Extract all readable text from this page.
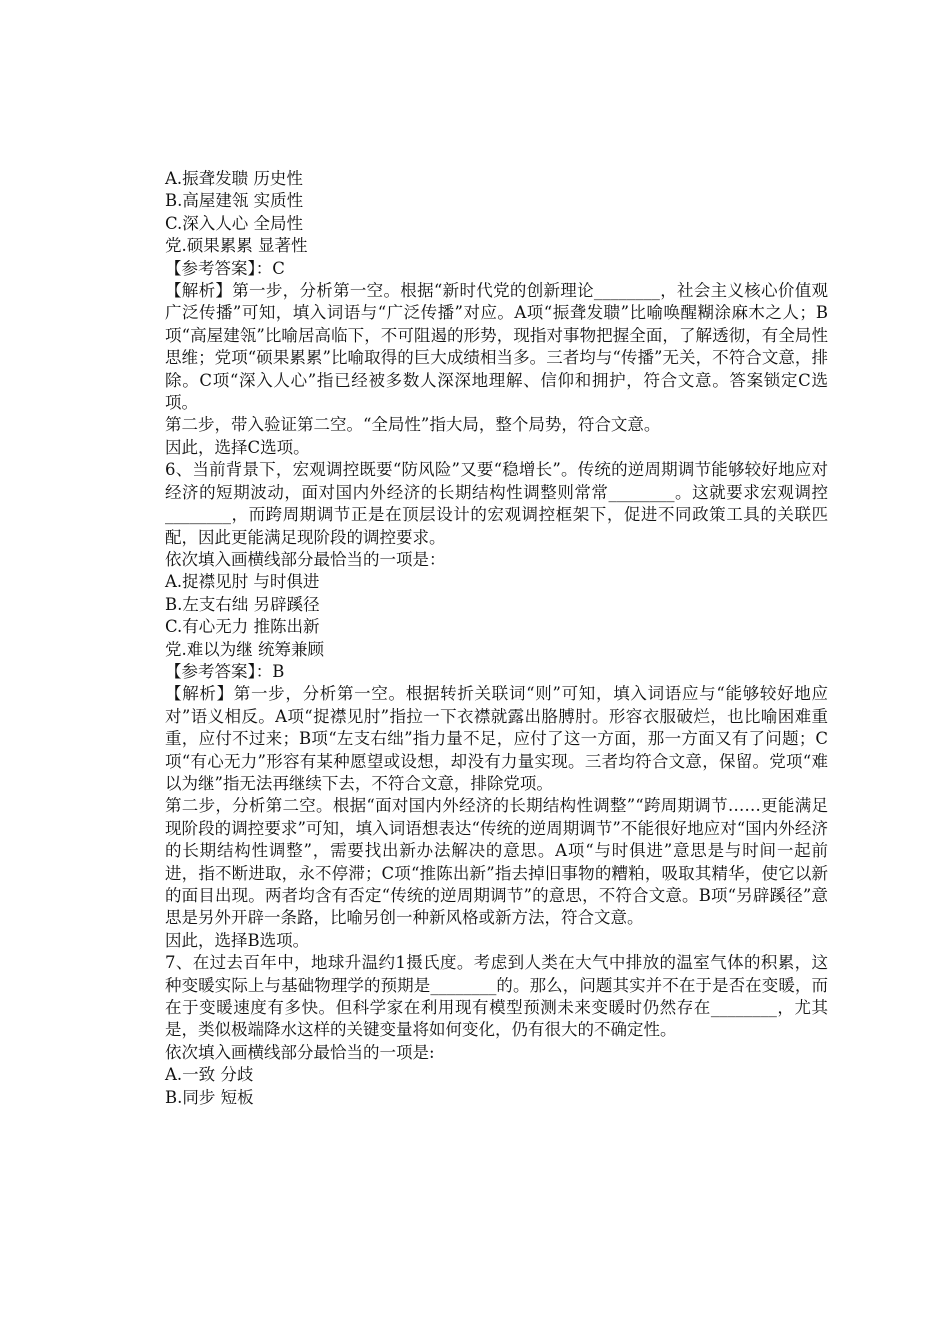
A.振聋发聩 历史性
B.高屋建瓴 实质性
C.深入人心 全局性
党.硕果累累 显著性
【参考答案】：C
【解析】第一步，分析第一空。根据“新时代党的创新理论________，社会主义核心价值观广泛传播”可知，填入词语与“广泛传播”对应。A项“振聋发聩”比喻唤醒糊涂麻木之人；B项“高屋建瓴”比喻居高临下，不可阻遏的形势，现指对事物把握全面，了解透彻，有全局性思维；党项“硕果累累”比喻取得的巨大成绩相当多。三者均与“传播”无关，不符合文意，排除。C项“深入人心”指已经被多数人深深地理解、信仰和拥护，符合文意。答案锁定C选项。
第二步，带入验证第二空。“全局性”指大局，整个局势，符合文意。
因此，选择C选项。
6、当前背景下，宏观调控既要“防风险”又要“稳增长”。传统的逆周期调节能够较好地应对经济的短期波动，面对国内外经济的长期结构性调整则常常________。这就要求宏观调控________，而跨周期调节正是在顶层设计的宏观调控框架下，促进不同政策工具的关联匹配，因此更能满足现阶段的调控要求。
依次填入画横线部分最恰当的一项是：
A.捉襟见肘 与时俱进
B.左支右绌 另辟蹊径
C.有心无力 推陈出新
党.难以为继 统筹兼顾
【参考答案】：B
【解析】第一步，分析第一空。根据转折关联词“则”可知，填入词语应与“能够较好地应对”语义相反。A项“捉襟见肘”指拉一下衣襟就露出胳膊肘。形容衣服破烂，也比喻困难重重，应付不过来；B项“左支右绌”指力量不足，应付了这一方面，那一方面又有了问题；C项“有心无力”形容有某种愿望或设想，却没有力量实现。三者均符合文意，保留。党项“难以为继”指无法再继续下去，不符合文意，排除党项。
第二步，分析第二空。根据“面对国内外经济的长期结构性调整”“跨周期调节……更能满足现阶段的调控要求”可知，填入词语想表达“传统的逆周期调节”不能很好地应对“国内外经济的长期结构性调整”，需要找出新办法解决的意思。A项“与时俱进”意思是与时间一起前进，指不断进取，永不停滞；C项“推陈出新”指去掉旧事物的糟粕，吸取其精华，使它以新的面目出现。两者均含有否定“传统的逆周期调节”的意思，不符合文意。B项“另辟蹊径”意思是另外开辟一条路，比喻另创一种新风格或新方法，符合文意。
因此，选择B选项。
7、在过去百年中，地球升温约1摄氏度。考虑到人类在大气中排放的温室气体的积累，这种变暖实际上与基础物理学的预期是________的。那么，问题其实并不在于是否在变暖，而在于变暖速度有多快。但科学家在利用现有模型预测未来变暖时仍然存在________，尤其是，类似极端降水这样的关键变量将如何变化，仍有很大的不确定性。
依次填入画横线部分最恰当的一项是:
A.一致 分歧
B.同步 短板
